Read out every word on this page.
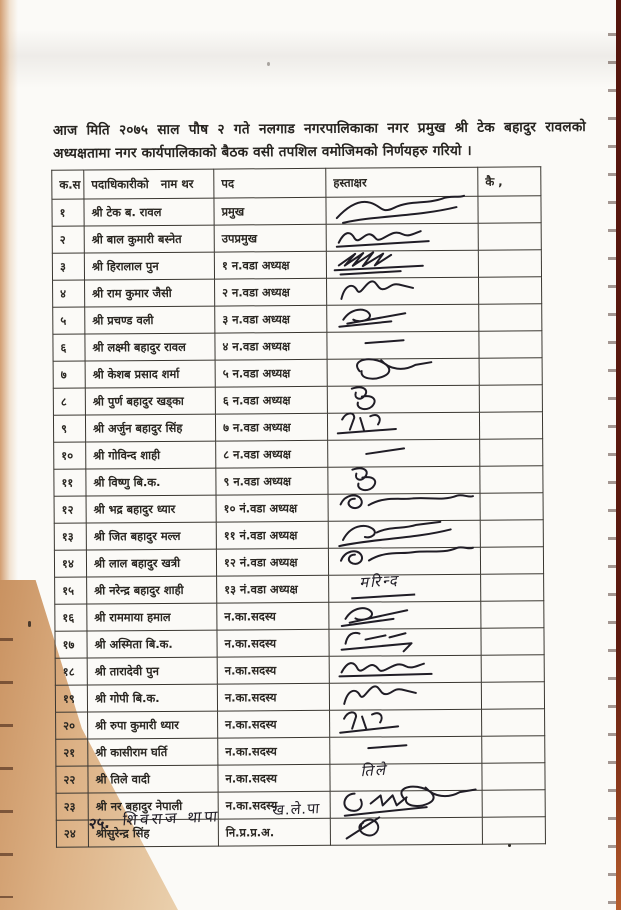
आज मिति २०७५ साल पौष २ गते नलगाड नगरपालिकाका नगर प्रमुख श्री टेक बहादुर रावलको अध्यक्षतामा नगर कार्यपालिकाको बैठक वसी तपशिल वमोजिमको निर्णयहरु गरियो ।

क.स	पदाधिकारीको   नाम थर	पद	हस्ताक्षर	कै ,
१	श्री टेक ब. रावल	प्रमुख	

२	श्री बाल कुमारी बस्नेत	उपप्रमुख	

३	श्री हिरालाल पुन	१ न.वडा अध्यक्ष	

४	श्री राम कुमार जैसी	२ न.वडा अध्यक्ष	

५	श्री प्रचण्ड वली	३ न.वडा अध्यक्ष	

६	श्री लक्ष्मी बहादुर रावल	४ न.वडा अध्यक्ष	

७	श्री केशब प्रसाद शर्मा	५ न.वडा अध्यक्ष	

८	श्री पुर्ण बहादुर खड्का	६ न.वडा अध्यक्ष	

९	श्री अर्जुन बहादुर सिंह	७ न.वडा अध्यक्ष	

१०	श्री गोविन्द शाही	८ न.वडा अध्यक्ष	

११	श्री विष्णु बि.क.	९ न.वडा अध्यक्ष	

१२	श्री भद्र बहादुर ध्यार	१० नं.वडा अध्यक्ष	

१३	श्री जित बहादुर मल्ल	११ नं.वडा अध्यक्ष	

१४	श्री लाल बहादुर खत्री	१२ नं.वडा अध्यक्ष	

१५	श्री नरेन्द्र बहादुर शाही	१३ नं.वडा अध्यक्ष	मरिन्द	

१६	श्री राममाया हमाल	न.का.सदस्य	

१७	श्री अस्मिता बि.क.	न.का.सदस्य	

१८	श्री तारादेवी पुन	न.का.सदस्य	

१९	श्री गोपी बि.क.	न.का.सदस्य	

२०	श्री रुपा कुमारी ध्यार	न.का.सदस्य	

२१	श्री कासीराम घर्ति	न.का.सदस्य	

२२	श्री तिले वादी	न.का.सदस्य	तिले	

२३	श्री नर बहादुर नेपाली	न.का.सदस्य	

२४	श्रीसुरेन्द्र सिंह	नि.प्र.प्र.अ.	

२५. शिवराज थापा	ख.ले.पा
